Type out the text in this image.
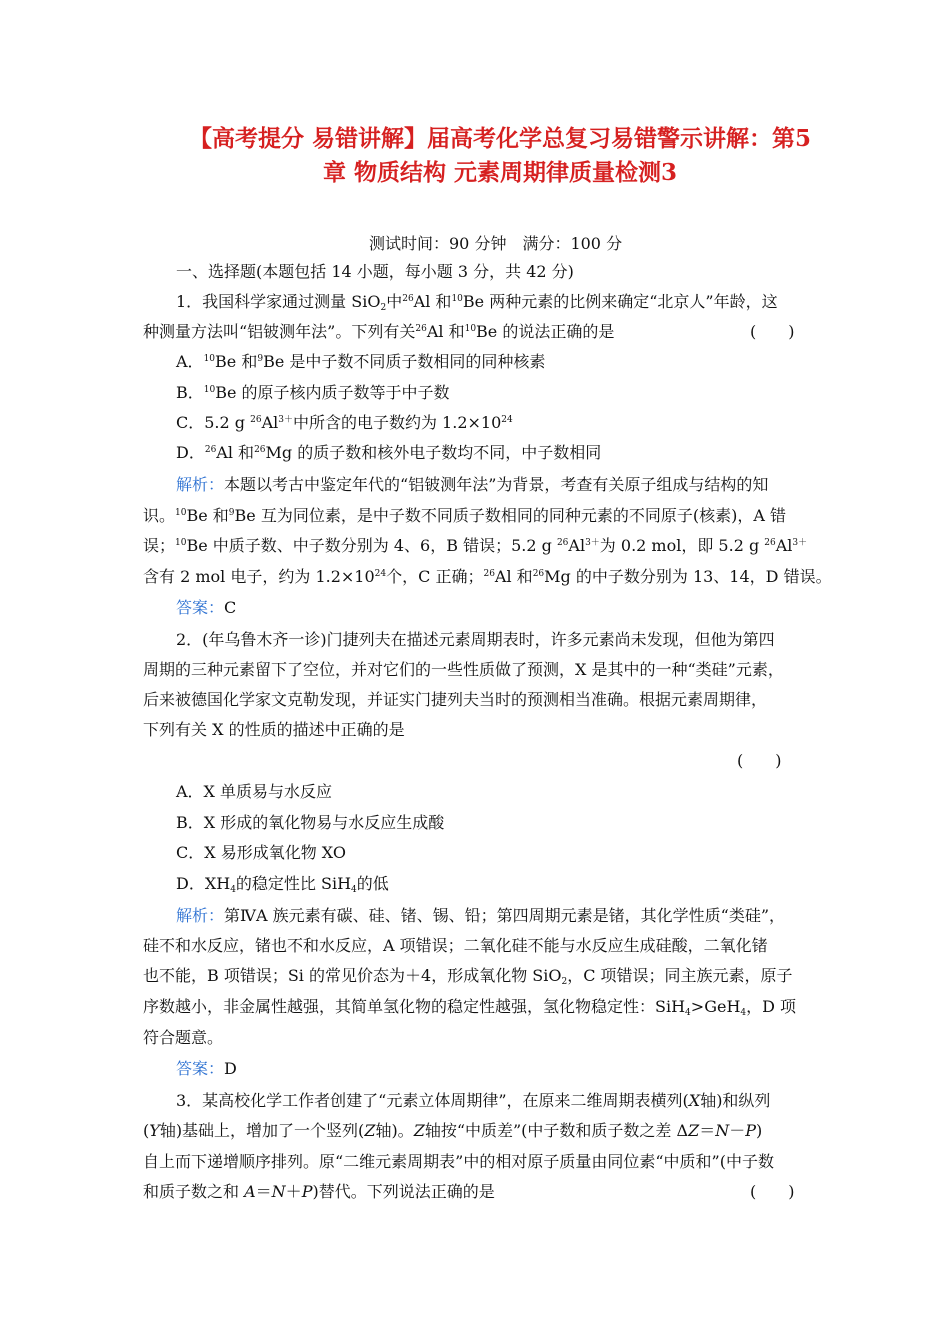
【高考提分 易错讲解】届高考化学总复习易错警示讲解：第5
章 物质结构 元素周期律质量检测3
测试时间：90 分钟　满分：100 分
一、选择题(本题包括 14 小题，每小题 3 分，共 42 分)
1．我国科学家通过测量 SiO$_2$中$^{26}$Al 和$^{10}$Be 两种元素的比例来确定“北京人”年龄，这
种测量方法叫“铝铍测年法”。下列有关$^{26}$Al 和$^{10}$Be 的说法正确的是	(　　)
A．$^{10}$Be 和$^9$Be 是中子数不同质子数相同的同种核素
B．$^{10}$Be 的原子核内质子数等于中子数
C．5.2 g $^{26}Al^{3+}$中所含的电子数约为 $1.2\times 10^{24}$
D．$^{26}$Al 和$^{26}$Mg 的质子数和核外电子数均不同，中子数相同
解析：本题以考古中鉴定年代的“铝铍测年法”为背景，考查有关原子组成与结构的知
识。$^{10}$Be 和$^9$Be 互为同位素，是中子数不同质子数相同的同种元素的不同原子(核素)，A 错
误；$^{10}$Be 中质子数、中子数分别为 4、6，B 错误；5.2 g $^{26}Al^{3+}$为 0.2 mol，即 5.2 g $^{26}Al^{3+}$
含有 2 mol 电子，约为 $1.2\times 10^{24}$个，C 正确；$^{26}$Al 和$^{26}$Mg 的中子数分别为 13、14，D 错误。
答案：C
2．(年乌鲁木齐一诊)门捷列夫在描述元素周期表时，许多元素尚未发现，但他为第四
周期的三种元素留下了空位，并对它们的一些性质做了预测，X 是其中的一种“类硅”元素，
后来被德国化学家文克勒发现，并证实门捷列夫当时的预测相当准确。根据元素周期律，
下列有关 X 的性质的描述中正确的是
(　　)
A．X 单质易与水反应
B．X 形成的氧化物易与水反应生成酸
C．X 易形成氧化物 XO
D．$XH_4$的稳定性比 SiH$_4$的低
解析：第ⅣA 族元素有碳、硅、锗、锡、铅；第四周期元素是锗，其化学性质“类硅”，
硅不和水反应，锗也不和水反应，A 项错误；二氧化硅不能与水反应生成硅酸，二氧化锗
也不能，B 项错误；Si 的常见价态为＋4，形成氧化物 SiO$_2$，C 项错误；同主族元素，原子
序数越小，非金属性越强，其简单氢化物的稳定性越强，氢化物稳定性：SiH$_4$>GeH$_4$，D 项
符合题意。
答案：D
3．某高校化学工作者创建了“元素立体周期律”，在原来二维周期表横列(X轴)和纵列
(Y轴)基础上，增加了一个竖列(Z轴)。Z轴按“中质差”(中子数和质子数之差 ΔZ＝N－P)
自上而下递增顺序排列。原“二维元素周期表”中的相对原子质量由同位素“中质和”(中子数
和质子数之和 A＝N＋P)替代。下列说法正确的是	(　　)
